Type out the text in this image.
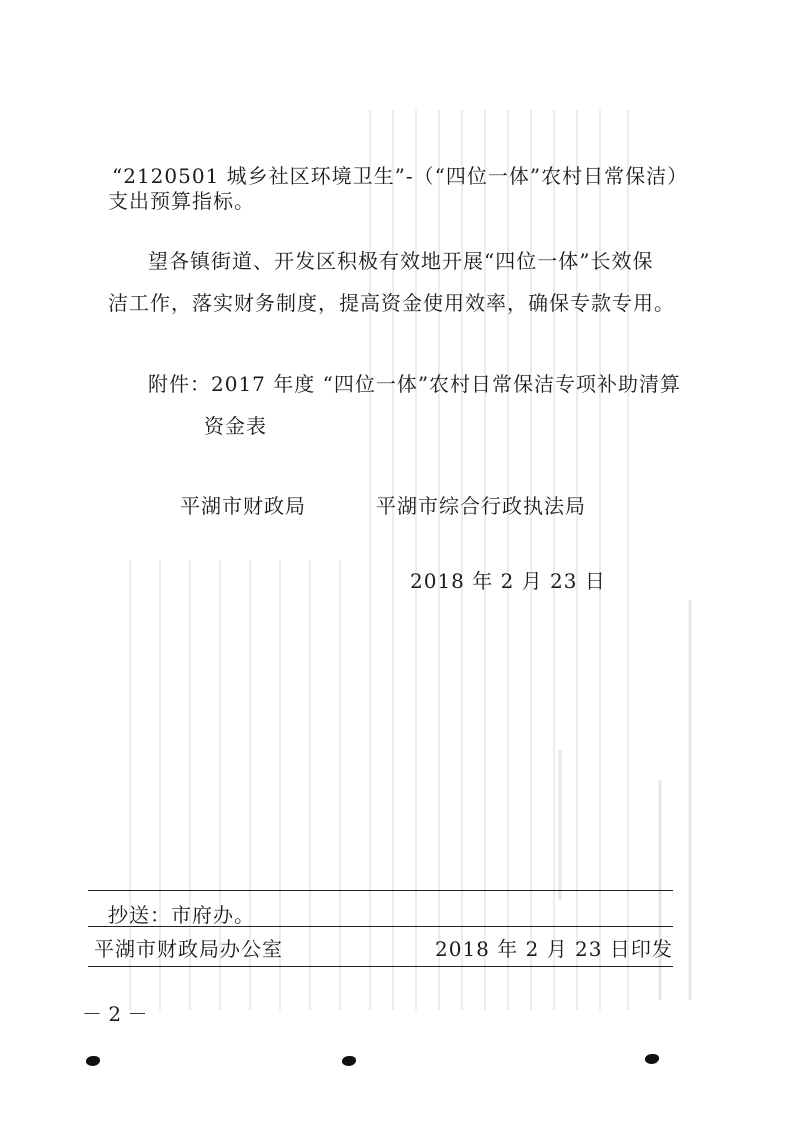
“2120501 城乡社区环境卫生”-（“四位一体”农村日常保洁）
支出预算指标。
望各镇街道、开发区积极有效地开展“四位一体”长效保
洁工作，落实财务制度，提高资金使用效率，确保专款专用。
附件：2017 年度 “四位一体”农村日常保洁专项补助清算
资金表
平湖市财政局	平湖市综合行政执法局
2018 年 2 月 23 日
抄送：市府办。
平湖市财政局办公室	2018 年 2 月 23 日印发
－ 2 －
